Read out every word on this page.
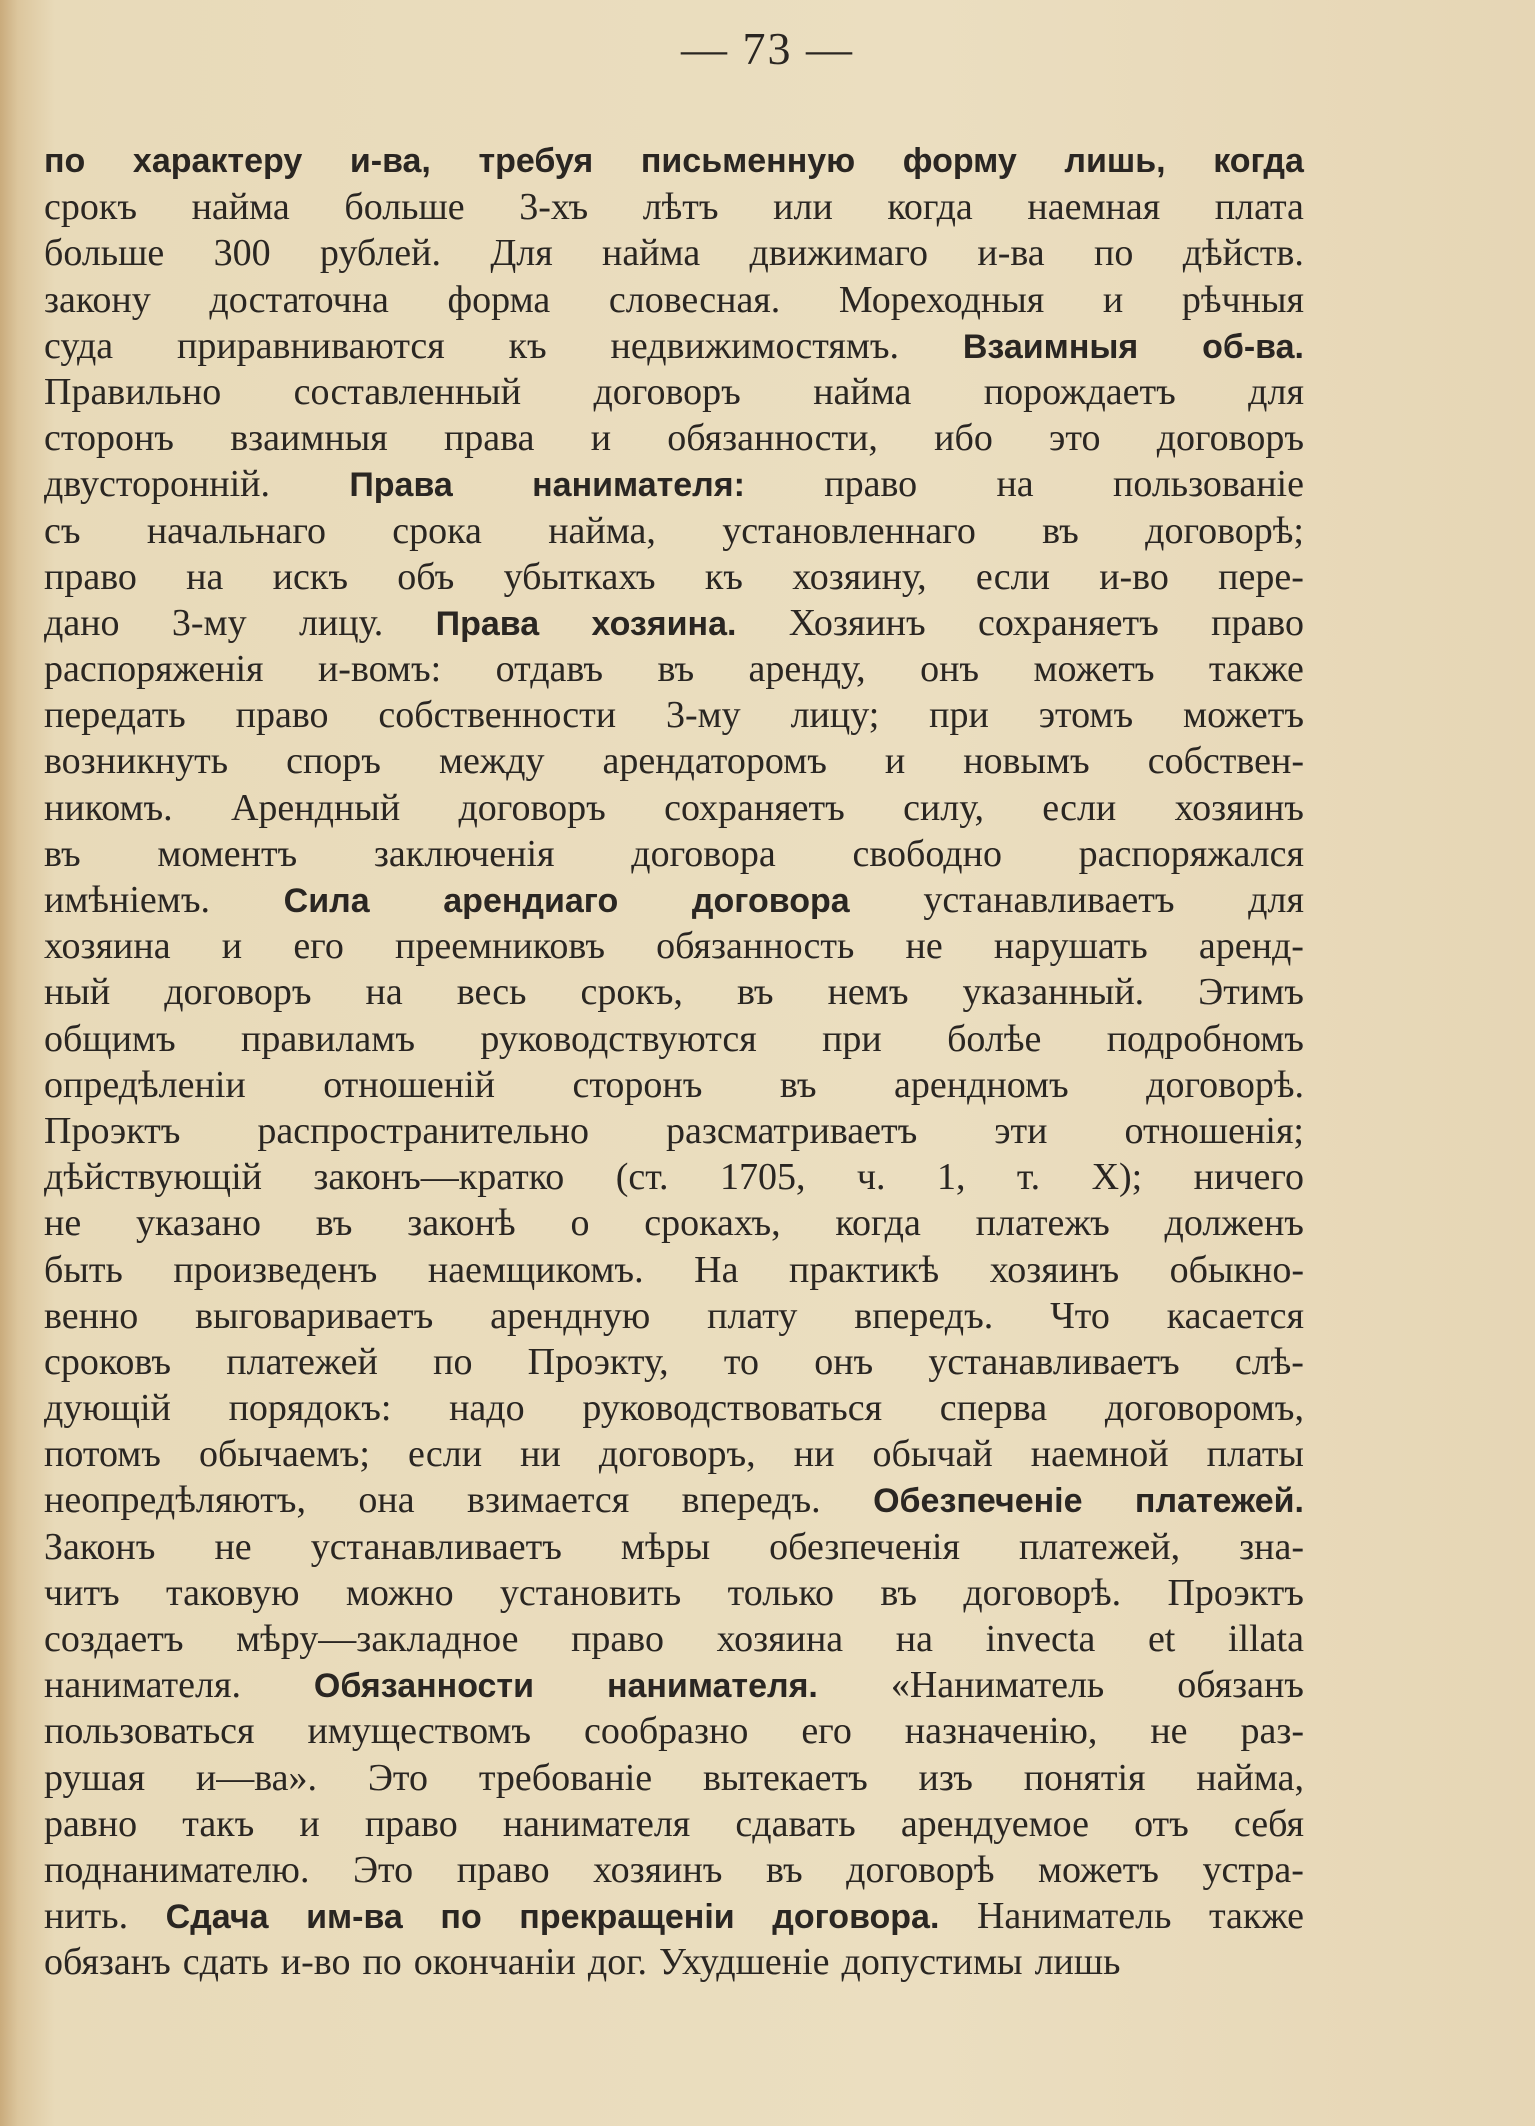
— 73 —
по характеру и-ва, требуя письменную форму лишь, когда
срокъ найма больше 3-хъ лѣтъ или когда наемная плата
больше 300 рублей. Для найма движимаго и-ва по дѣйств.
закону достаточна форма словесная. Мореходныя и рѣчныя
суда приравниваются къ недвижимостямъ. Взаимныя об-ва.
Правильно составленный договоръ найма порождаетъ для
сторонъ взаимныя права и обязанности, ибо это договоръ
двусторонній. Права нанимателя: право на пользованіе
съ начальнаго срока найма, установленнаго въ договорѣ;
право на искъ объ убыткахъ къ хозяину, если и-во пере-
дано 3-му лицу. Права хозяина. Хозяинъ сохраняетъ право
распоряженія и-вомъ: отдавъ въ аренду, онъ можетъ также
передать право собственности 3-му лицу; при этомъ можетъ
возникнуть споръ между арендаторомъ и новымъ собствен-
никомъ. Арендный договоръ сохраняетъ силу, если хозяинъ
въ моментъ заключенія договора свободно распоряжался
имѣніемъ. Сила арендиаго договора устанавливаетъ для
хозяина и его преемниковъ обязанность не нарушать аренд-
ный договоръ на весь срокъ, въ немъ указанный. Этимъ
общимъ правиламъ руководствуются при болѣе подробномъ
опредѣленіи отношеній сторонъ въ арендномъ договорѣ.
Проэктъ распространительно разсматриваетъ эти отношенія;
дѣйствующій законъ—кратко (ст. 1705, ч. 1, т. X); ничего
не указано въ законѣ о срокахъ, когда платежъ долженъ
быть произведенъ наемщикомъ. На практикѣ хозяинъ обыкно-
венно выговариваетъ арендную плату впередъ. Что касается
сроковъ платежей по Проэкту, то онъ устанавливаетъ слѣ-
дующій порядокъ: надо руководствоваться сперва договоромъ,
потомъ обычаемъ; если ни договоръ, ни обычай наемной платы
неопредѣляютъ, она взимается впередъ. Обезпеченіе платежей.
Законъ не устанавливаетъ мѣры обезпеченія платежей, зна-
читъ таковую можно установить только въ договорѣ. Проэктъ
создаетъ мѣру—закладное право хозяина на invecta et illata
нанимателя. Обязанности нанимателя. «Наниматель обязанъ
пользоваться имуществомъ сообразно его назначенію, не раз-
рушая и—ва». Это требованіе вытекаетъ изъ понятія найма,
равно такъ и право нанимателя сдавать арендуемое отъ себя
поднанимателю. Это право хозяинъ въ договорѣ можетъ устра-
нить. Сдача им-ва по прекращеніи договора. Наниматель также
обязанъ сдать и-во по окончаніи дог. Ухудшеніе допустимы лишь
